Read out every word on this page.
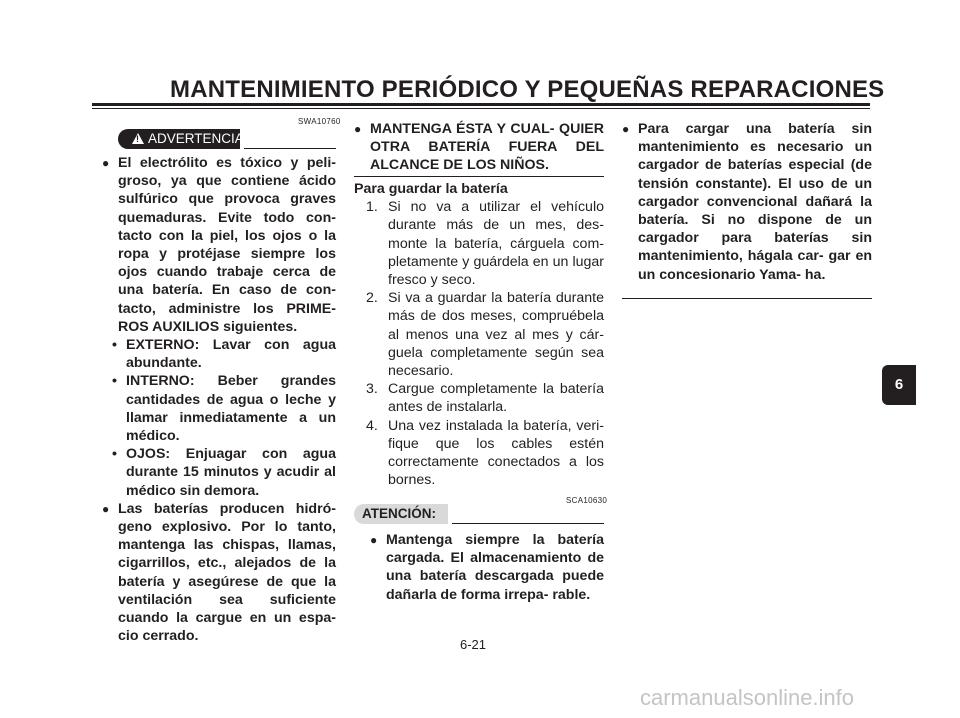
MANTENIMIENTO PERIÓDICO Y PEQUEÑAS REPARACIONES
SWA10760
!
ADVERTENCIA
● El electrólito es tóxico y peli- groso, ya que contiene ácido sulfúrico que provoca graves quemaduras. Evite todo con- tacto con la piel, los ojos o la ropa y protéjase siempre los ojos cuando trabaje cerca de una batería. En caso de con- tacto, administre los PRIME- ROS AUXILIOS siguientes.
• EXTERNO: Lavar con agua abundante.
• INTERNO: Beber grandes cantidades de agua o leche y llamar inmediatamente a un médico.
• OJOS: Enjuagar con agua durante 15 minutos y acudir al médico sin demora.
● Las baterías producen hidró- geno explosivo. Por lo tanto, mantenga las chispas, llamas, cigarrillos, etc., alejados de la batería y asegúrese de que la ventilación sea suficiente cuando la cargue en un espa- cio cerrado.
● MANTENGA ÉSTA Y CUAL- QUIER OTRA BATERÍA FUERA DEL ALCANCE DE LOS NIÑOS.
Para guardar la batería
1. Si no va a utilizar el vehículo durante más de un mes, des- monte la batería, cárguela com- pletamente y guárdela en un lugar fresco y seco.
2. Si va a guardar la batería durante más de dos meses, compruébela al menos una vez al mes y cár- guela completamente según sea necesario.
3. Cargue completamente la batería antes de instalarla.
4. Una vez instalada la batería, veri- fique que los cables estén correctamente conectados a los bornes.
SCA10630
ATENCIÓN:
● Mantenga siempre la batería cargada. El almacenamiento de una batería descargada puede dañarla de forma irrepa- rable.
● Para cargar una batería sin mantenimiento es necesario un cargador de baterías especial (de tensión constante). El uso de un cargador convencional dañará la batería. Si no dispone de un cargador para baterías sin mantenimiento, hágala car- gar en un concesionario Yama- ha.
6-21
6
carmanualsonline.info
